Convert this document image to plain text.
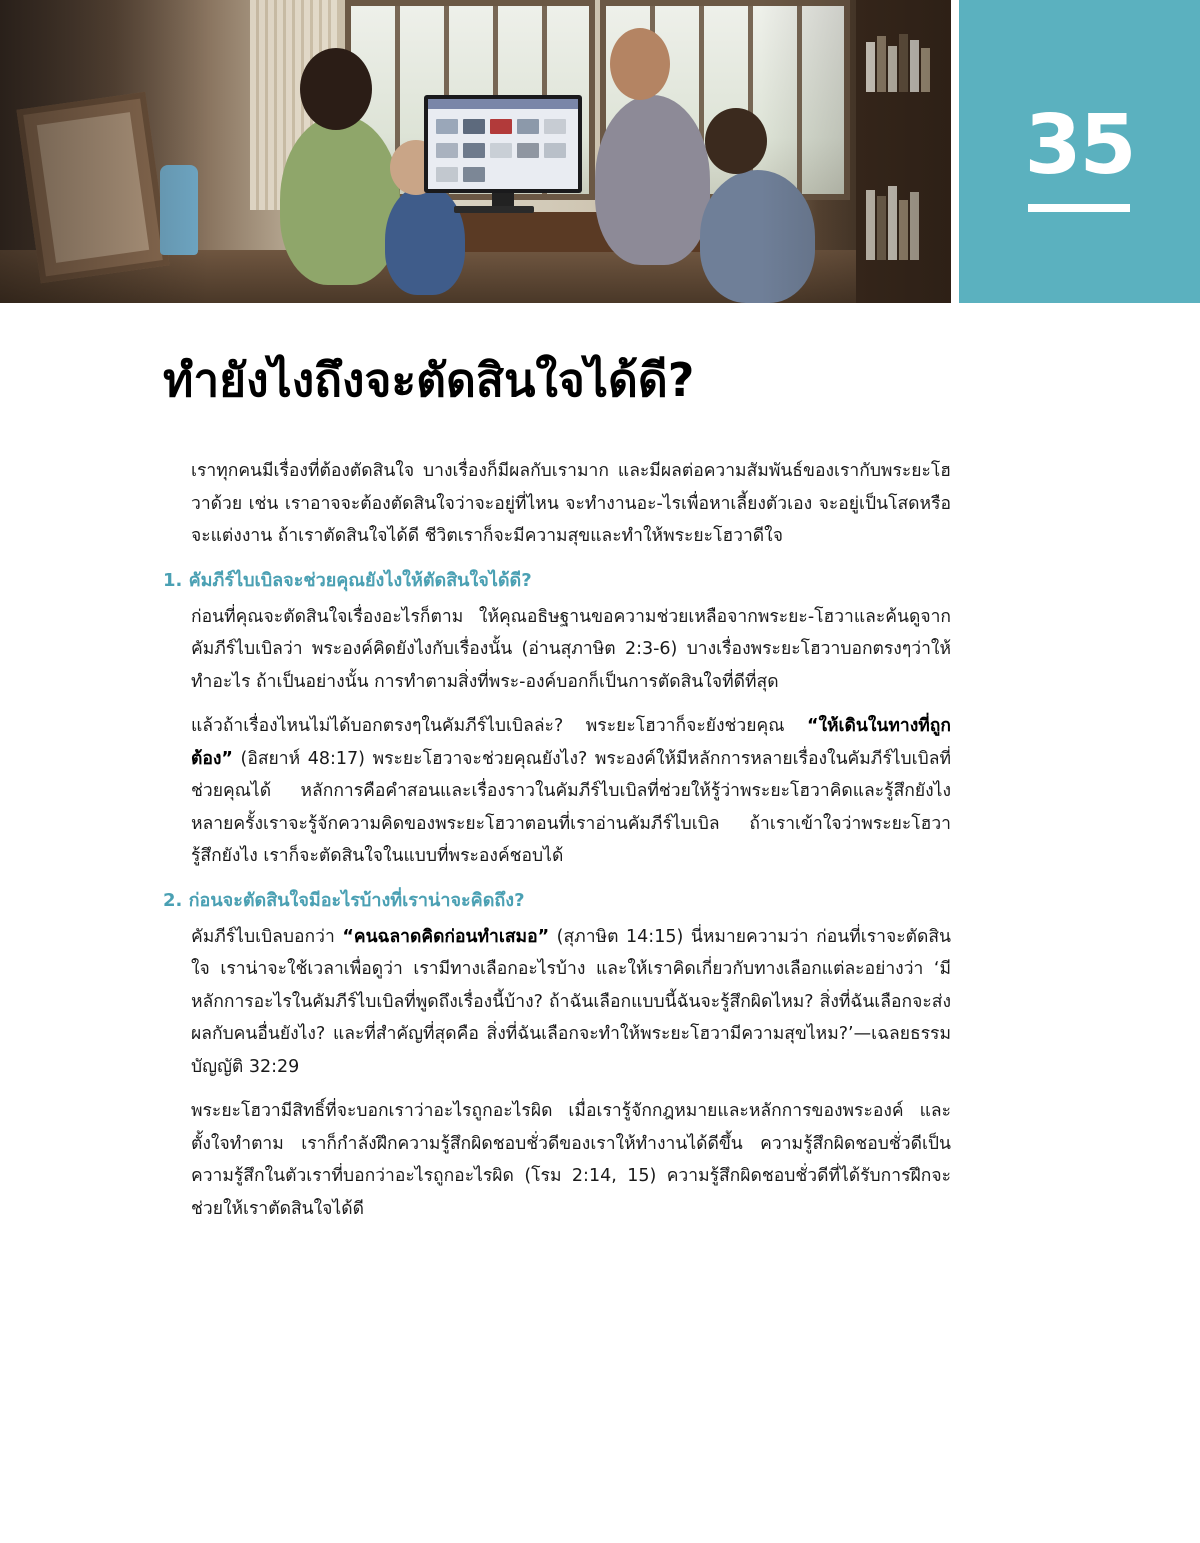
35
ทำยังไงถึงจะตัดสินใจได้ดี?

เราทุกคนมีเรื่องที่ต้องตัดสินใจ บางเรื่องก็มีผลกับเรามาก และมีผลต่อความสัมพันธ์ของเรากับพระยะโฮวาด้วย เช่น เราอาจจะต้องตัดสินใจว่าจะอยู่ที่ไหน จะทำงานอะ-ไรเพื่อหาเลี้ยงตัวเอง จะอยู่เป็นโสดหรือจะแต่งงาน ถ้าเราตัดสินใจได้ดี ชีวิตเราก็จะมีความสุขและทำให้พระยะโฮวาดีใจ

1. คัมภีร์ไบเบิลจะช่วยคุณยังไงให้ตัดสินใจได้ดี?

ก่อนที่คุณจะตัดสินใจเรื่องอะไรก็ตาม ให้คุณอธิษฐานขอความช่วยเหลือจากพระยะ-โฮวาและค้นดูจากคัมภีร์ไบเบิลว่า พระองค์คิดยังไงกับเรื่องนั้น (อ่านสุภาษิต 2:3-6) บางเรื่องพระยะโฮวาบอกตรงๆว่าให้ทำอะไร ถ้าเป็นอย่างนั้น การทำตามสิ่งที่พระ-องค์บอกก็เป็นการตัดสินใจที่ดีที่สุด

แล้วถ้าเรื่องไหนไม่ได้บอกตรงๆในคัมภีร์ไบเบิลล่ะ? พระยะโฮวาก็จะยังช่วยคุณ “ให้เดินในทางที่ถูกต้อง” (อิสยาห์ 48:17) พระยะโฮวาจะช่วยคุณยังไง? พระองค์ให้มีหลักการหลายเรื่องในคัมภีร์ไบเบิลที่ช่วยคุณได้ หลักการคือคำสอนและเรื่องราวในคัมภีร์ไบเบิลที่ช่วยให้รู้ว่าพระยะโฮวาคิดและรู้สึกยังไง หลายครั้งเราจะรู้จักความคิดของพระยะโฮวาตอนที่เราอ่านคัมภีร์ไบเบิล ถ้าเราเข้าใจว่าพระยะโฮวารู้สึกยังไง เราก็จะตัดสินใจในแบบที่พระองค์ชอบได้

2. ก่อนจะตัดสินใจมีอะไรบ้างที่เราน่าจะคิดถึง?

คัมภีร์ไบเบิลบอกว่า “คนฉลาดคิดก่อนทำเสมอ” (สุภาษิต 14:15) นี่หมายความว่า ก่อนที่เราจะตัดสินใจ เราน่าจะใช้เวลาเพื่อดูว่า เรามีทางเลือกอะไรบ้าง และให้เราคิดเกี่ยวกับทางเลือกแต่ละอย่างว่า ‘มีหลักการอะไรในคัมภีร์ไบเบิลที่พูดถึงเรื่องนี้บ้าง? ถ้าฉันเลือกแบบนี้ฉันจะรู้สึกผิดไหม? สิ่งที่ฉันเลือกจะส่งผลกับคนอื่นยังไง? และที่สำคัญที่สุดคือ สิ่งที่ฉันเลือกจะทำให้พระยะโฮวามีความสุขไหม?’—เฉลยธรรมบัญญัติ 32:29

พระยะโฮวามีสิทธิ์ที่จะบอกเราว่าอะไรถูกอะไรผิด เมื่อเรารู้จักกฎหมายและหลักการของพระองค์ และตั้งใจทำตาม เราก็กำลังฝึกความรู้สึกผิดชอบชั่วดีของเราให้ทำงานได้ดีขึ้น ความรู้สึกผิดชอบชั่วดีเป็นความรู้สึกในตัวเราที่บอกว่าอะไรถูกอะไรผิด (โรม 2:14, 15) ความรู้สึกผิดชอบชั่วดีที่ได้รับการฝึกจะช่วยให้เราตัดสินใจได้ดี
